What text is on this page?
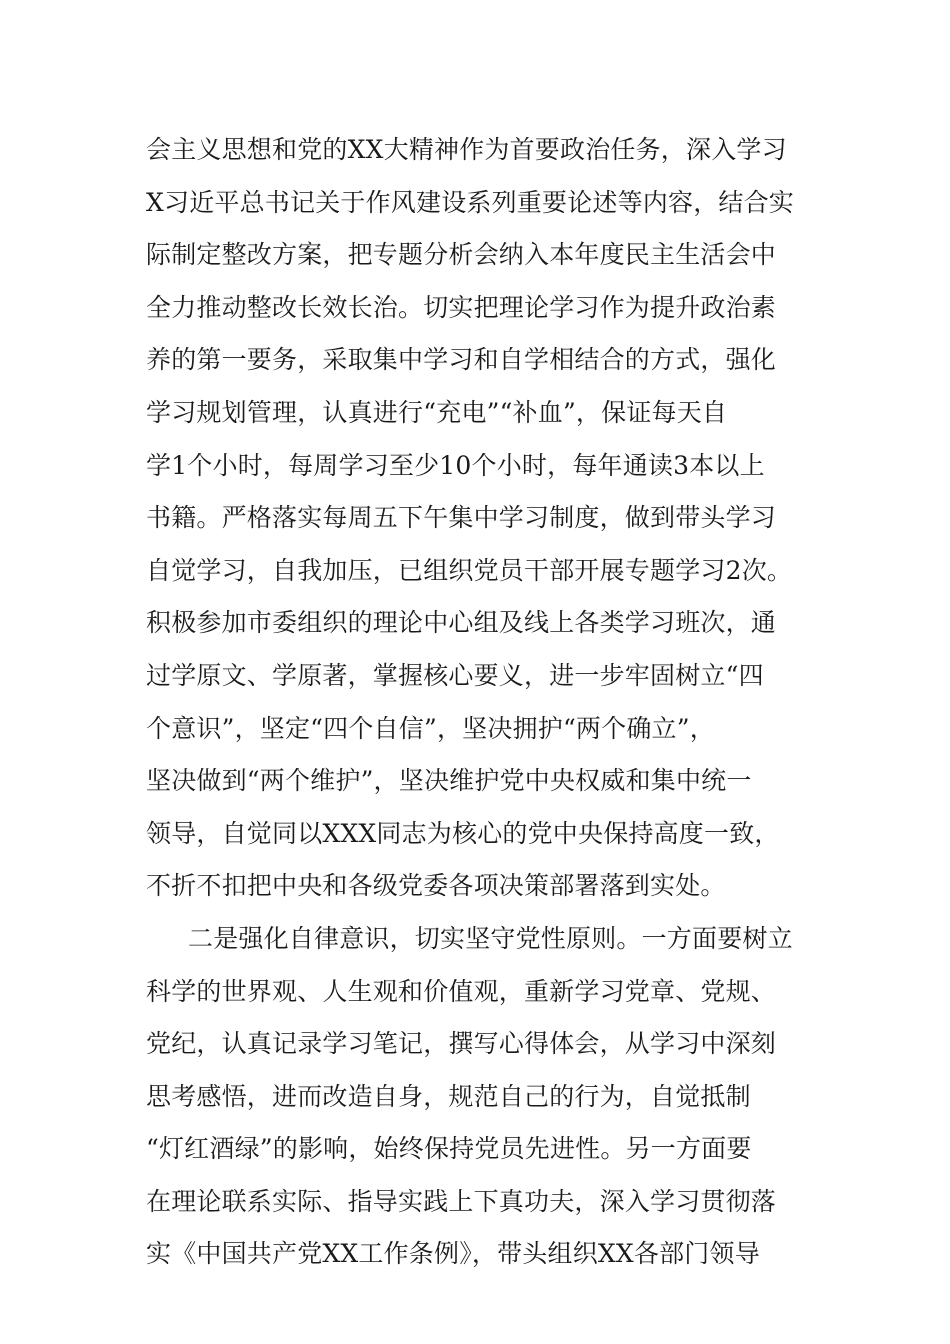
会主义思想和党的XX大精神作为首要政治任务，深入学习
X习近平总书记关于作风建设系列重要论述等内容，结合实
际制定整改方案，把专题分析会纳入本年度民主生活会中
全力推动整改长效长治。切实把理论学习作为提升政治素
养的第一要务，采取集中学习和自学相结合的方式，强化
学习规划管理，认真进行“充电”“补血”，保证每天自
学1个小时，每周学习至少10个小时，每年通读3本以上
书籍。严格落实每周五下午集中学习制度，做到带头学习
自觉学习，自我加压，已组织党员干部开展专题学习2次。
积极参加市委组织的理论中心组及线上各类学习班次，通
过学原文、学原著，掌握核心要义，进一步牢固树立“四
个意识”，坚定“四个自信”，坚决拥护“两个确立”，
坚决做到“两个维护”，坚决维护党中央权威和集中统一
领导，自觉同以XXX同志为核心的党中央保持高度一致，
不折不扣把中央和各级党委各项决策部署落到实处。
二是强化自律意识，切实坚守党性原则。一方面要树立
科学的世界观、人生观和价值观，重新学习党章、党规、
党纪，认真记录学习笔记，撰写心得体会，从学习中深刻
思考感悟，进而改造自身，规范自己的行为，自觉抵制
“灯红酒绿”的影响，始终保持党员先进性。另一方面要
在理论联系实际、指导实践上下真功夫，深入学习贯彻落
实《中国共产党XX工作条例》，带头组织XX各部门领导
